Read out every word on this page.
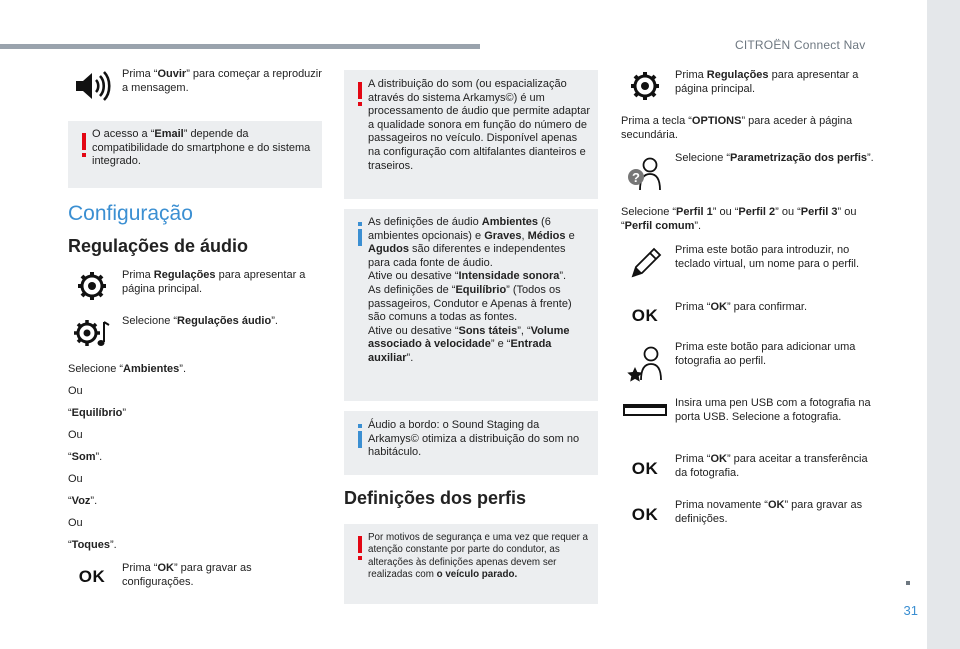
CITROËN Connect Nav
31
Prima “Ouvir” para começar a reproduzir a mensagem.
O acesso a “Email” depende da compatibilidade do smartphone e do sistema integrado.
Configuração
Regulações de áudio
Prima Regulações para apresentar a página principal.
Selecione “Regulações áudio”.
Selecione “Ambientes”.
Ou
“Equilíbrio”
Ou
“Som”.
Ou
“Voz”.
Ou
“Toques”.
OK	Prima “OK” para gravar as configurações.
A distribuição do som (ou espacialização através do sistema Arkamys©) é um processamento de áudio que permite adaptar a qualidade sonora em função do número de passageiros no veículo. Disponível apenas na configuração com altifalantes dianteiros e traseiros.
As definições de áudio Ambientes (6 ambientes opcionais) e Graves, Médios e Agudos são diferentes e independentes para cada fonte de áudio.
Ative ou desative “Intensidade sonora”.
As definições de “Equilíbrio” (Todos os passageiros, Condutor e Apenas à frente) são comuns a todas as fontes.
Ative ou desative “Sons táteis”, “Volume associado à velocidade” e “Entrada auxiliar”.
Áudio a bordo: o Sound Staging da Arkamys© otimiza a distribuição do som no habitáculo.
Definições dos perfis
Por motivos de segurança e uma vez que requer a atenção constante por parte do condutor, as alterações às definições apenas devem ser realizadas com o veículo parado.
Prima Regulações para apresentar a página principal.
Prima a tecla “OPTIONS” para aceder à página secundária.
?
Selecione “Parametrização dos perfis”.
Selecione “Perfil 1” ou “Perfil 2” ou “Perfil 3” ou “Perfil comum”.
Prima este botão para introduzir, no teclado virtual, um nome para o perfil.
OK	Prima “OK” para confirmar.
Prima este botão para adicionar uma fotografia ao perfil.
Insira uma pen USB com a fotografia na porta USB. Selecione a fotografia.
OK	Prima “OK” para aceitar a transferência da fotografia.
OK	Prima novamente “OK” para gravar as definições.
